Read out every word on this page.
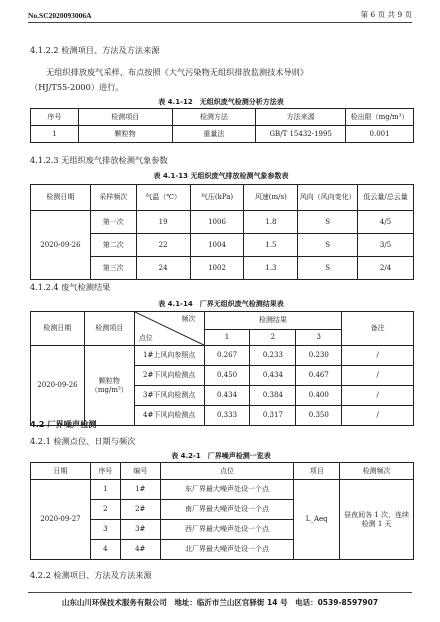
No.SC2020093006A	第 6 页 共 9 页
4.1.2.2 检测项目、方法及方法来源
无组织排放废气采样、布点按照《大气污染物无组织排放监测技术导则》
（HJ/T55-2000）进行。
表 4.1-12　无组织废气检测分析方法表
序号	检测项目	检测方法	方法来源	检出限（mg/m³）
1	颗粒物	重量法	GB/T 15432-1995	0.001
4.1.2.3 无组织废气排放检测气象参数
表 4.1-13 无组织废气排放检测气象参数表
检测日期	采样频次	气温（℃）	气压(kPa)	风速(m/s)	风向（风向变化）	低云量/总云量
2020-09-26	第一次	19	1006	1.8	S	4/5
	第二次	22	1004	1.5	S	3/5
	第三次	24	1002	1.3	S	2/4
4.1.2.4 废气检测结果
表 4.1-14　厂界无组织废气检测结果表
检测日期	检测项目	频次
点位	检测结果			备注
			1	2	3	
2020-09-26	颗粒物（mg/m³）	1#上风向参照点	0.267	0.233	0.230	/
		2#下风向检测点	0.450	0.434	0.467	/
		3#下风向检测点	0.434	0.384	0.400	/
		4#下风向检测点	0.333	0.317	0.350	/
4.2 厂界噪声检测
4.2.1 检测点位、日期与频次
表 4.2-1　厂界噪声检测一览表
日期	序号	编号	点位	项目	检测频次
2020-09-27	1	1#	东厂界最大噪声处设一个点	L_Aeq	昼夜间各 1 次、连续检测 1 天
	2	2#	南厂界最大噪声处设一个点		
	3	3#	西厂界最大噪声处设一个点		
	4	4#	北厂界最大噪声处设一个点		
4.2.2 检测项目、方法及方法来源
山东山川环保技术服务有限公司　地址：临沂市兰山区官驿街 14 号　电话：0539-8597907
